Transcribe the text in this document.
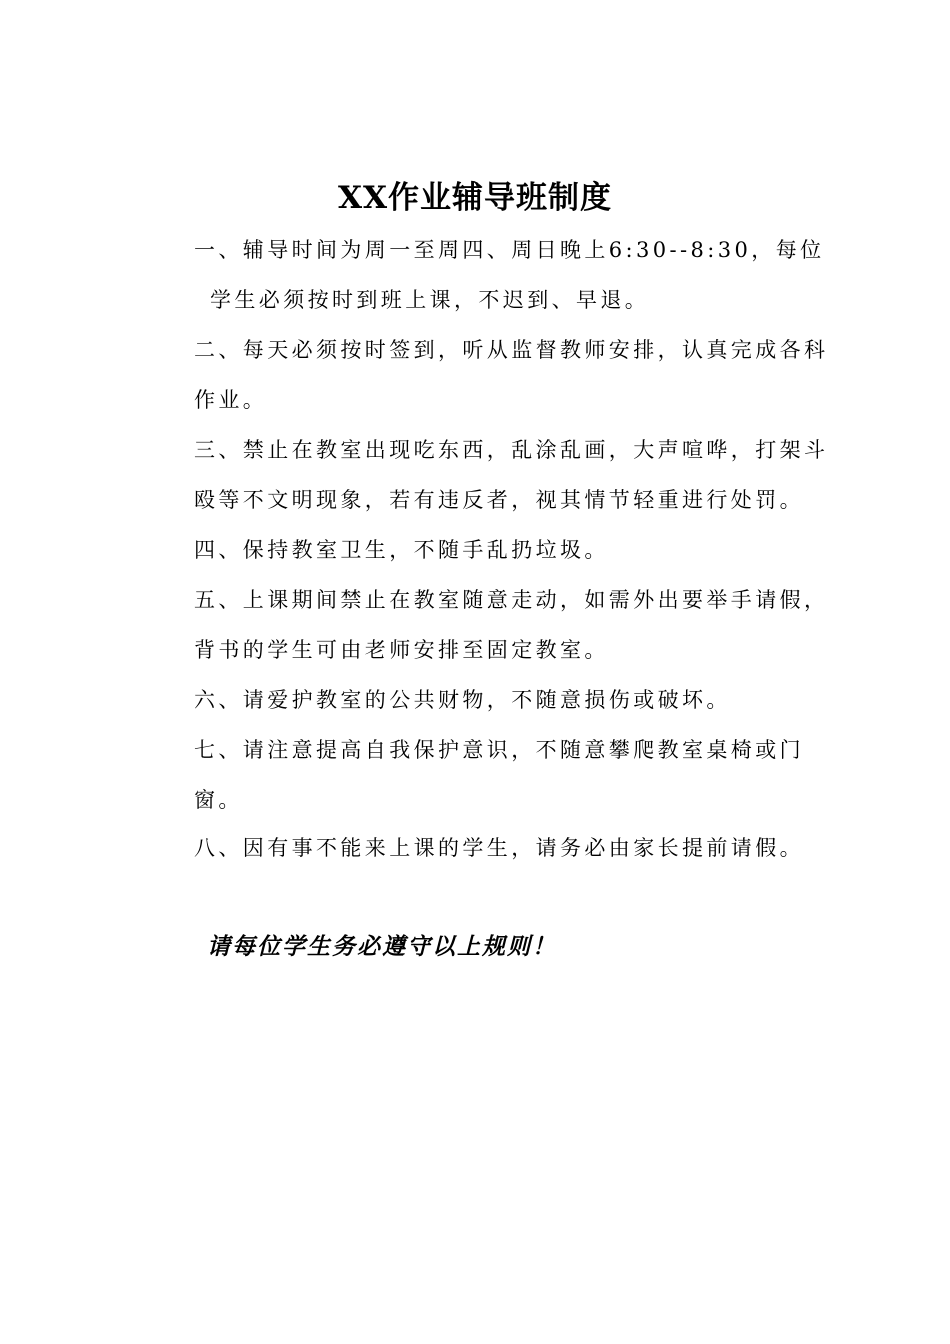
XX作业辅导班制度
一、辅导时间为周一至周四、周日晚上6:30--8:30，每位
学生必须按时到班上课，不迟到、早退。
二、每天必须按时签到，听从监督教师安排，认真完成各科
作业。
三、禁止在教室出现吃东西，乱涂乱画，大声喧哗，打架斗
殴等不文明现象，若有违反者，视其情节轻重进行处罚。
四、保持教室卫生，不随手乱扔垃圾。
五、上课期间禁止在教室随意走动，如需外出要举手请假，
背书的学生可由老师安排至固定教室。
六、请爱护教室的公共财物，不随意损伤或破坏。
七、请注意提高自我保护意识，不随意攀爬教室桌椅或门
窗。
八、因有事不能来上课的学生，请务必由家长提前请假。
请每位学生务必遵守以上规则！
